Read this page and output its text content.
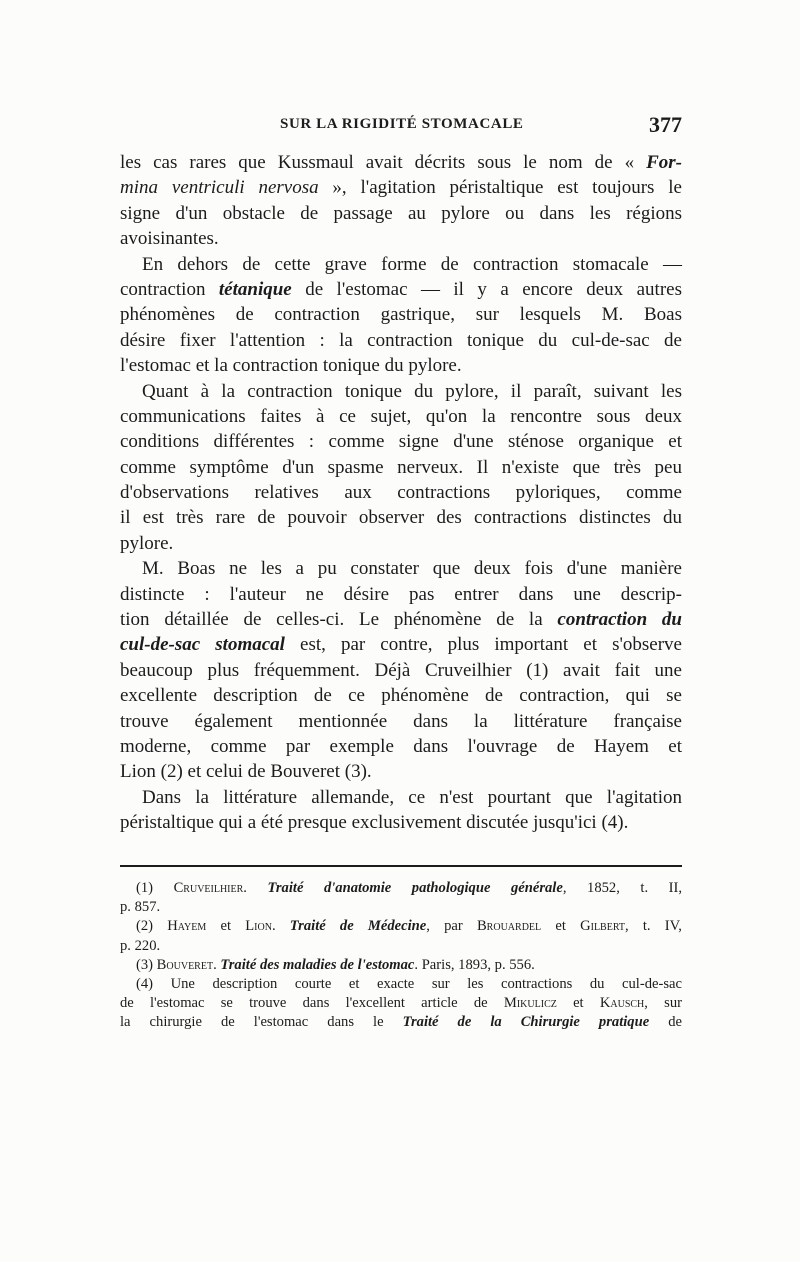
SUR LA RIGIDITÉ STOMACALE	377
les cas rares que Kussmaul avait décrits sous le nom de « For-
mina ventriculi nervosa », l'agitation péristaltique est toujours le
signe d'un obstacle de passage au pylore ou dans les régions
avoisinantes.
En dehors de cette grave forme de contraction stomacale —
contraction tétanique de l'estomac — il y a encore deux autres
phénomènes de contraction gastrique, sur lesquels M. Boas
désire fixer l'attention : la contraction tonique du cul-de-sac de
l'estomac et la contraction tonique du pylore.
Quant à la contraction tonique du pylore, il paraît, suivant les
communications faites à ce sujet, qu'on la rencontre sous deux
conditions différentes : comme signe d'une sténose organique et
comme symptôme d'un spasme nerveux. Il n'existe que très peu
d'observations relatives aux contractions pyloriques, comme
il est très rare de pouvoir observer des contractions distinctes du
pylore.
M. Boas ne les a pu constater que deux fois d'une manière
distincte : l'auteur ne désire pas entrer dans une descrip-
tion détaillée de celles-ci. Le phénomène de la contraction du
cul-de-sac stomacal est, par contre, plus important et s'observe
beaucoup plus fréquemment. Déjà Cruveilhier (1) avait fait une
excellente description de ce phénomène de contraction, qui se
trouve également mentionnée dans la littérature française
moderne, comme par exemple dans l'ouvrage de Hayem et
Lion (2) et celui de Bouveret (3).
Dans la littérature allemande, ce n'est pourtant que l'agitation
péristaltique qui a été presque exclusivement discutée jusqu'ici (4).
(1) Cruveilhier. Traité d'anatomie pathologique générale, 1852, t. II,
p. 857.
(2) Hayem et Lion. Traité de Médecine, par Brouardel et Gilbert, t. IV,
p. 220.
(3) Bouveret. Traité des maladies de l'estomac. Paris, 1893, p. 556.
(4) Une description courte et exacte sur les contractions du cul-de-sac
de l'estomac se trouve dans l'excellent article de Mikulicz et Kausch, sur
la chirurgie de l'estomac dans le Traité de la Chirurgie pratique de
